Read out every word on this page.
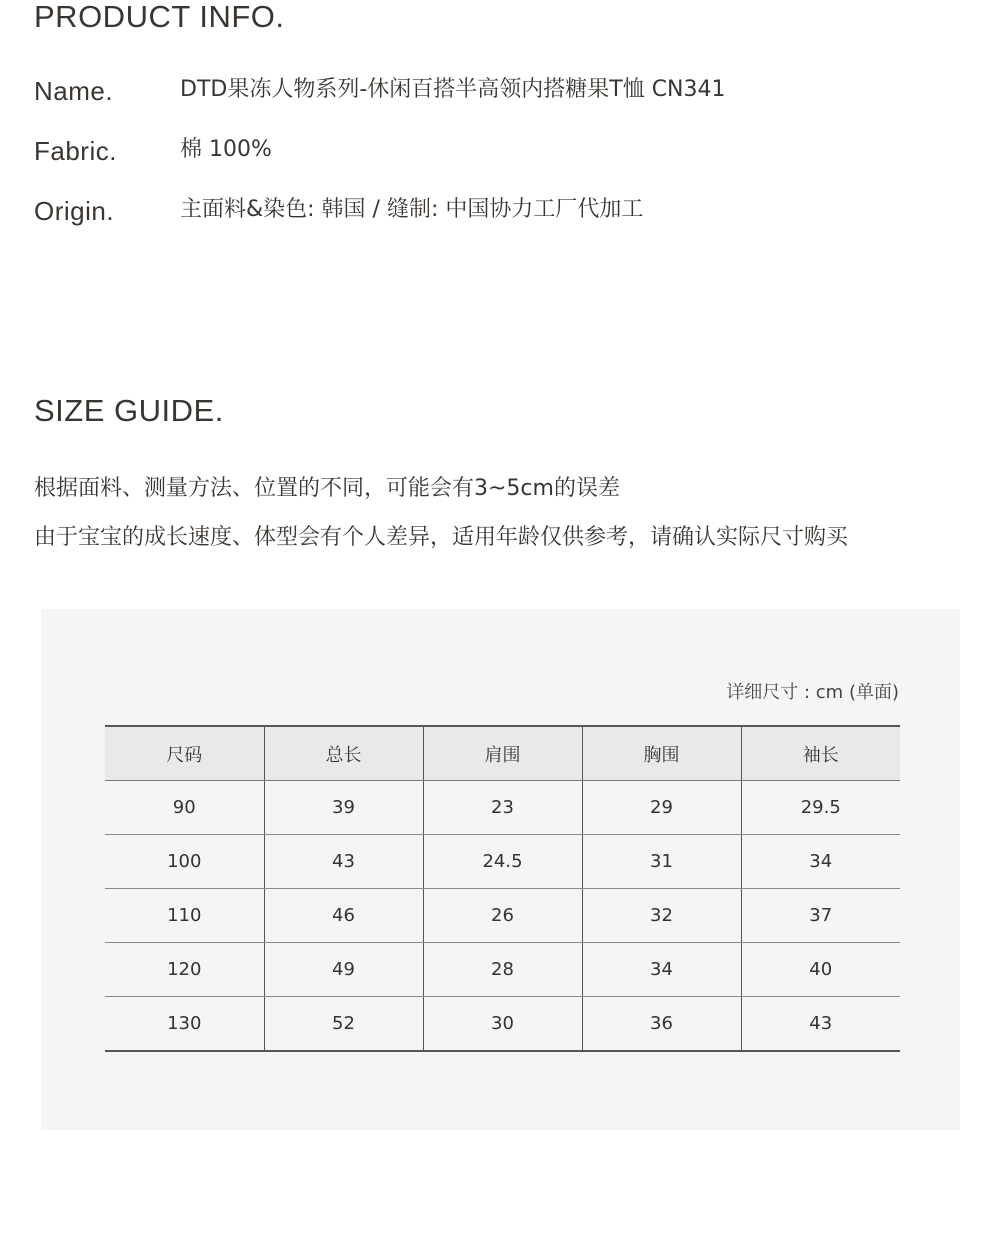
PRODUCT INFO.
Name.	DTD果冻人物系列-休闲百搭半高领内搭糖果T恤 CN341
Fabric.	棉 100%
Origin.	主面料&染色: 韩国 / 缝制: 中国协力工厂代加工
SIZE GUIDE.
根据面料、测量方法、位置的不同，可能会有3~5cm的误差
由于宝宝的成长速度、体型会有个人差异，适用年龄仅供参考，请确认实际尺寸购买
详细尺寸 : cm (单面)
尺码	总长	肩围	胸围	袖长
90	39	23	29	29.5
100	43	24.5	31	34
110	46	26	32	37
120	49	28	34	40
130	52	30	36	43
